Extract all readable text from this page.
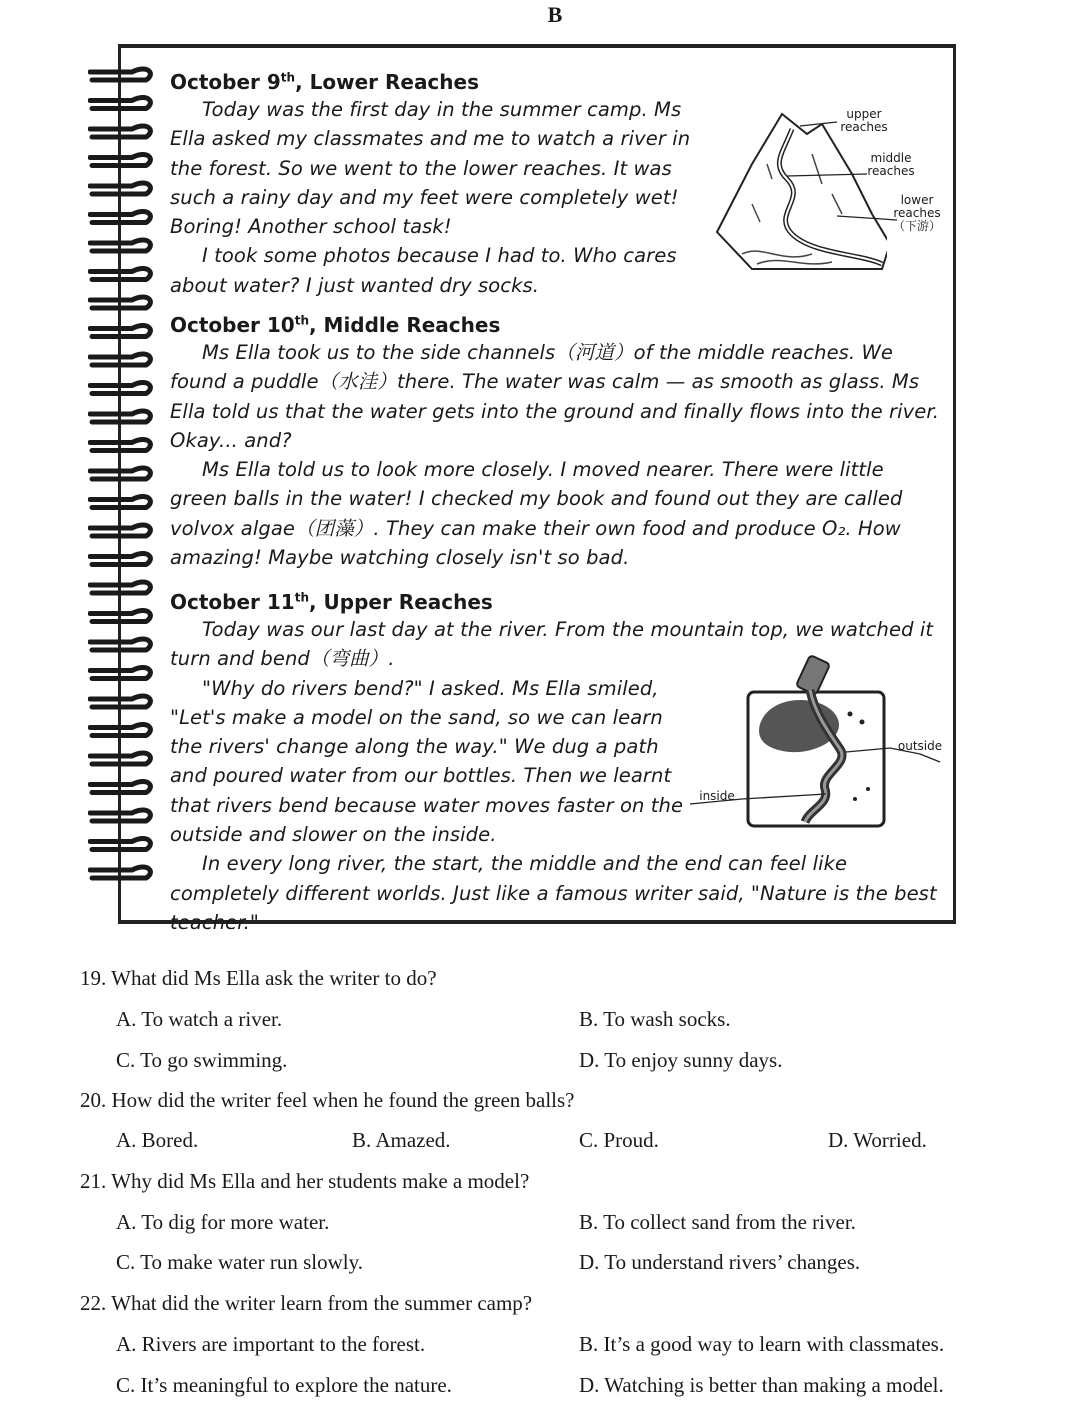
B
October 9th, Lower Reaches

Today was the first day in the summer camp. Ms Ella asked my classmates and me to watch a river in the forest. So we went to the lower reaches. It was such a rainy day and my feet were completely wet! Boring! Another school task!

I took some photos because I had to. Who cares about water? I just wanted dry socks.

upper reaches
middle reaches
lower reaches
（下游）
October 10th, Middle Reaches

Ms Ella took us to the side channels（河道）of the middle reaches. We found a puddle（水洼）there. The water was calm — as smooth as glass. Ms Ella told us that the water gets into the ground and finally flows into the river. Okay... and?

Ms Ella told us to look more closely. I moved nearer. There were little green balls in the water! I checked my book and found out they are called volvox algae（团藻）. They can make their own food and produce O₂. How amazing! Maybe watching closely isn't so bad.

October 11th, Upper Reaches

Today was our last day at the river. From the mountain top, we watched it turn and bend（弯曲）.

"Why do rivers bend?" I asked. Ms Ella smiled, "Let's make a model on the sand, so we can learn the rivers' change along the way." We dug a path and poured water from our bottles. Then we learnt that rivers bend because water moves faster on the outside and slower on the inside.

In every long river, the start, the middle and the end can feel like completely different worlds. Just like a famous writer said, "Nature is the best teacher."

outside
inside
19. What did Ms Ella ask the writer to do?
A. To watch a river.	B. To wash socks.
C. To go swimming.	D. To enjoy sunny days.
20. How did the writer feel when he found the green balls?
A. Bored.	B. Amazed.	C. Proud.	D. Worried.
21. Why did Ms Ella and her students make a model?
A. To dig for more water.	B. To collect sand from the river.
C. To make water run slowly.	D. To understand rivers’ changes.
22. What did the writer learn from the summer camp?
A. Rivers are important to the forest.	B. It’s a good way to learn with classmates.
C. It’s meaningful to explore the nature.	D. Watching is better than making a model.
